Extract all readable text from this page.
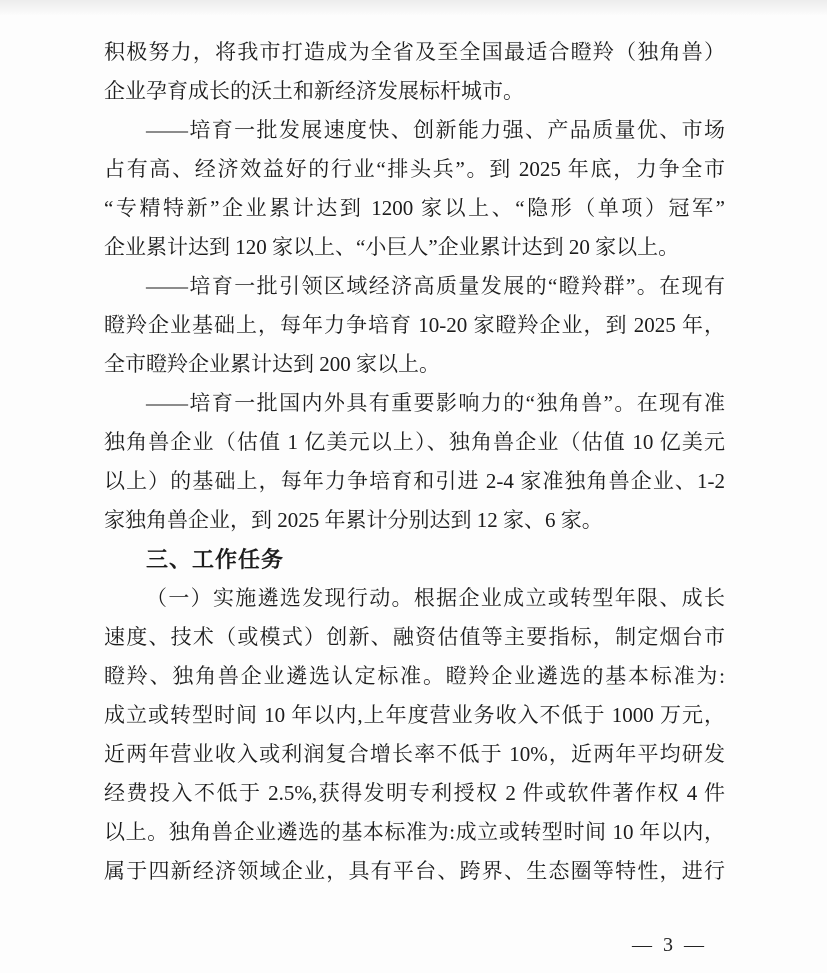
积极努力，将我市打造成为全省及至全国最适合瞪羚（独角兽）
企业孕育成长的沃土和新经济发展标杆城市。
——培育一批发展速度快、创新能力强、产品质量优、市场
占有高、经济效益好的行业“排头兵”。到 2025 年底，力争全市
“专精特新”企业累计达到 1200 家以上、“隐形（单项）冠军”
企业累计达到 120 家以上、“小巨人”企业累计达到 20 家以上。
——培育一批引领区域经济高质量发展的“瞪羚群”。在现有
瞪羚企业基础上，每年力争培育 10-20 家瞪羚企业，到 2025 年，
全市瞪羚企业累计达到 200 家以上。
——培育一批国内外具有重要影响力的“独角兽”。在现有准
独角兽企业（估值 1 亿美元以上）、独角兽企业（估值 10 亿美元
以上）的基础上，每年力争培育和引进 2-4 家准独角兽企业、1-2
家独角兽企业，到 2025 年累计分别达到 12 家、6 家。
三、工作任务
（一）实施遴选发现行动。根据企业成立或转型年限、成长
速度、技术（或模式）创新、融资估值等主要指标，制定烟台市
瞪羚、独角兽企业遴选认定标准。瞪羚企业遴选的基本标准为:
成立或转型时间 10 年以内,上年度营业务收入不低于 1000 万元，
近两年营业收入或利润复合增长率不低于 10%，近两年平均研发
经费投入不低于 2.5%,获得发明专利授权 2 件或软件著作权 4 件
以上。独角兽企业遴选的基本标准为:成立或转型时间 10 年以内，
属于四新经济领域企业，具有平台、跨界、生态圈等特性，进行
— 3 —
